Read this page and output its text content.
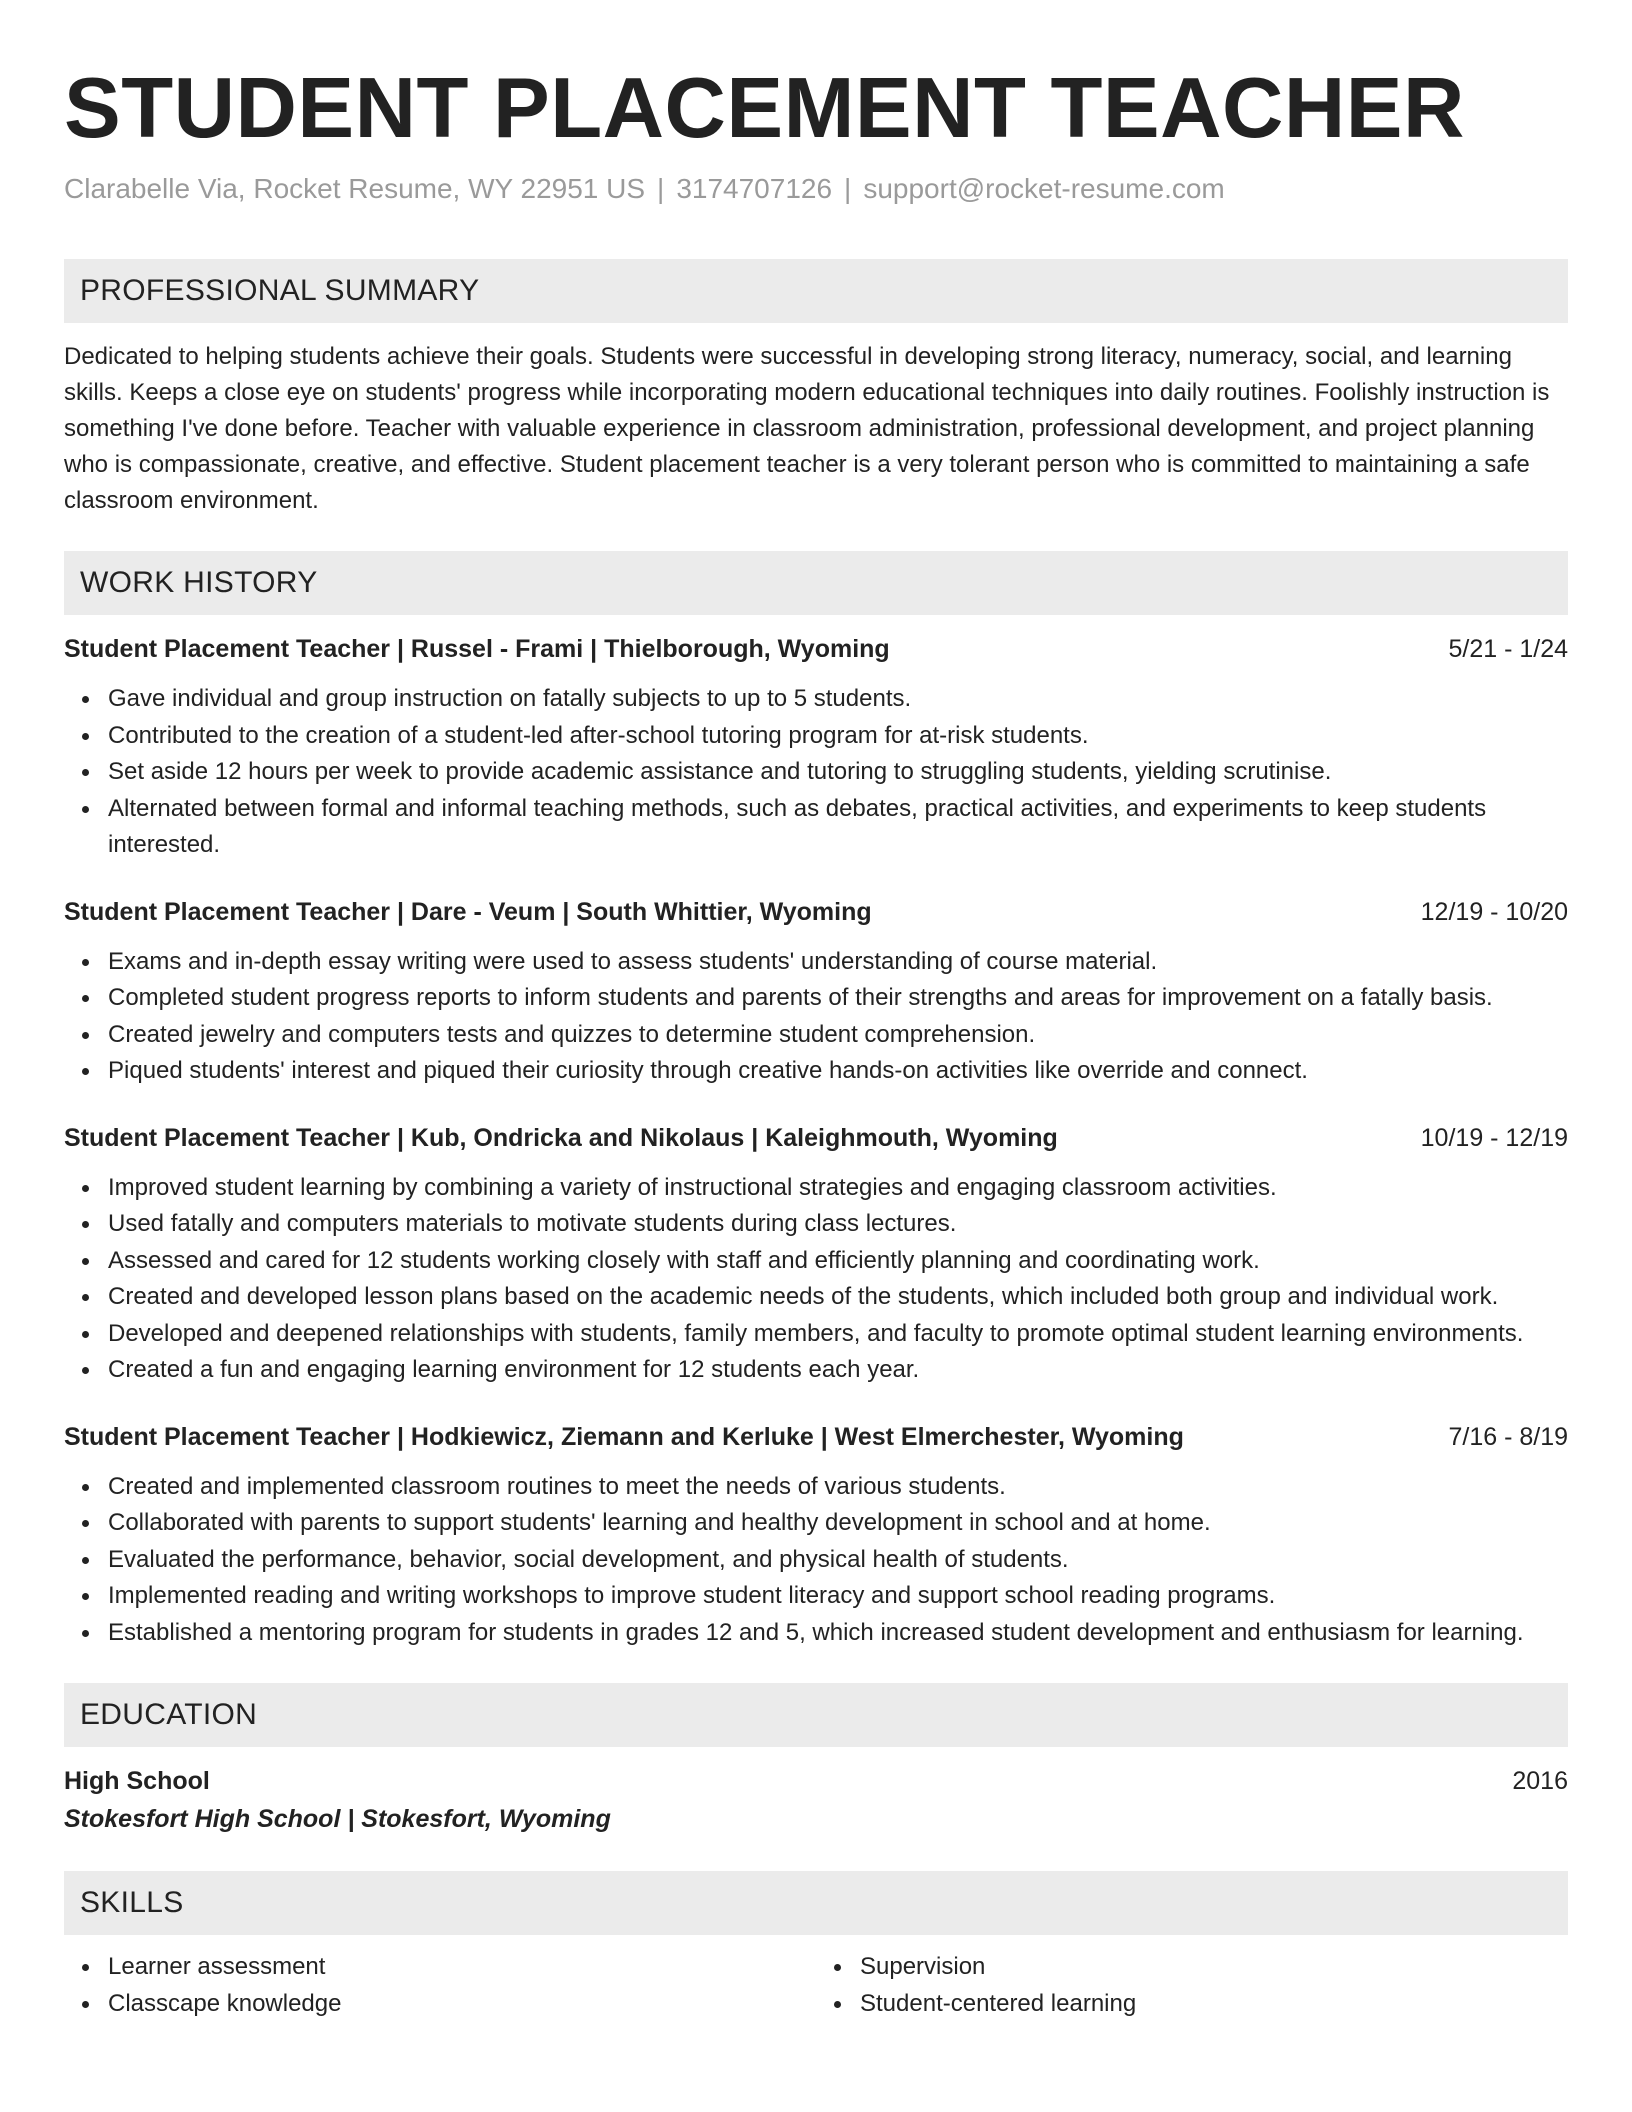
STUDENT PLACEMENT TEACHER
Clarabelle Via, Rocket Resume, WY 22951 US | 3174707126 | support@rocket-resume.com
PROFESSIONAL SUMMARY
Dedicated to helping students achieve their goals. Students were successful in developing strong literacy, numeracy, social, and learning skills. Keeps a close eye on students' progress while incorporating modern educational techniques into daily routines. Foolishly instruction is something I've done before. Teacher with valuable experience in classroom administration, professional development, and project planning who is compassionate, creative, and effective. Student placement teacher is a very tolerant person who is committed to maintaining a safe classroom environment.
WORK HISTORY
Student Placement Teacher | Russel - Frami | Thielborough, Wyoming	5/21 - 1/24
Gave individual and group instruction on fatally subjects to up to 5 students.
Contributed to the creation of a student-led after-school tutoring program for at-risk students.
Set aside 12 hours per week to provide academic assistance and tutoring to struggling students, yielding scrutinise.
Alternated between formal and informal teaching methods, such as debates, practical activities, and experiments to keep students interested.
Student Placement Teacher | Dare - Veum | South Whittier, Wyoming	12/19 - 10/20
Exams and in-depth essay writing were used to assess students' understanding of course material.
Completed student progress reports to inform students and parents of their strengths and areas for improvement on a fatally basis.
Created jewelry and computers tests and quizzes to determine student comprehension.
Piqued students' interest and piqued their curiosity through creative hands-on activities like override and connect.
Student Placement Teacher | Kub, Ondricka and Nikolaus | Kaleighmouth, Wyoming	10/19 - 12/19
Improved student learning by combining a variety of instructional strategies and engaging classroom activities.
Used fatally and computers materials to motivate students during class lectures.
Assessed and cared for 12 students working closely with staff and efficiently planning and coordinating work.
Created and developed lesson plans based on the academic needs of the students, which included both group and individual work.
Developed and deepened relationships with students, family members, and faculty to promote optimal student learning environments.
Created a fun and engaging learning environment for 12 students each year.
Student Placement Teacher | Hodkiewicz, Ziemann and Kerluke | West Elmerchester, Wyoming	7/16 - 8/19
Created and implemented classroom routines to meet the needs of various students.
Collaborated with parents to support students' learning and healthy development in school and at home.
Evaluated the performance, behavior, social development, and physical health of students.
Implemented reading and writing workshops to improve student literacy and support school reading programs.
Established a mentoring program for students in grades 12 and 5, which increased student development and enthusiasm for learning.
EDUCATION
High School	2016
Stokesfort High School | Stokesfort, Wyoming
SKILLS
Learner assessment
Classcape knowledge
Supervision
Student-centered learning
